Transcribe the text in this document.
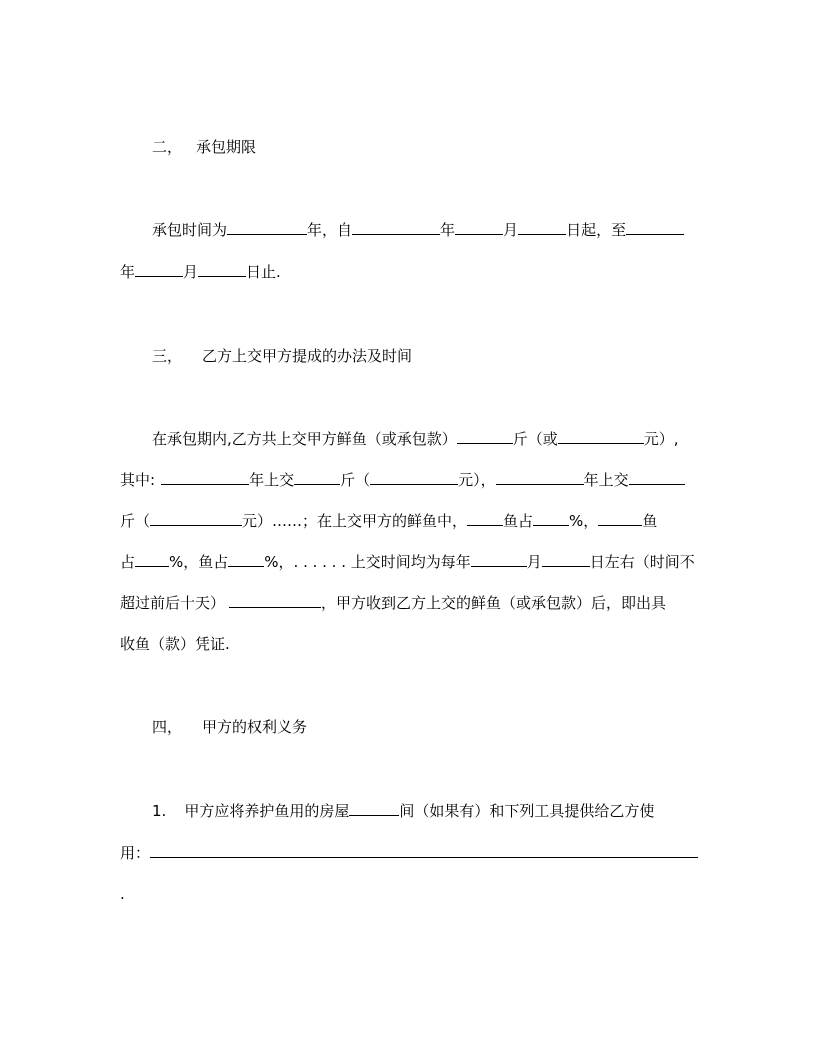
二， 承包期限
承包时间为	年，自	年	月	日起，至
年	月	日止.
三， 乙方上交甲方提成的办法及时间
在承包期内,乙方共上交甲方鲜鱼（或承包款）	斤（或	元）,
其中:	年上交	斤（	元），	年上交
斤（	元）……；在上交甲方的鲜鱼中， 鱼占 %，	鱼
占 %，鱼占 %，. . . . . . 上交时间均为每年	月	日左右（时间不
超过前后十天）	，甲方收到乙方上交的鲜鱼（或承包款）后，即出具
收鱼（款）凭证.
四， 甲方的权利义务
1. 甲方应将养护鱼用的房屋	间（如果有）和下列工具提供给乙方使
用：
.
